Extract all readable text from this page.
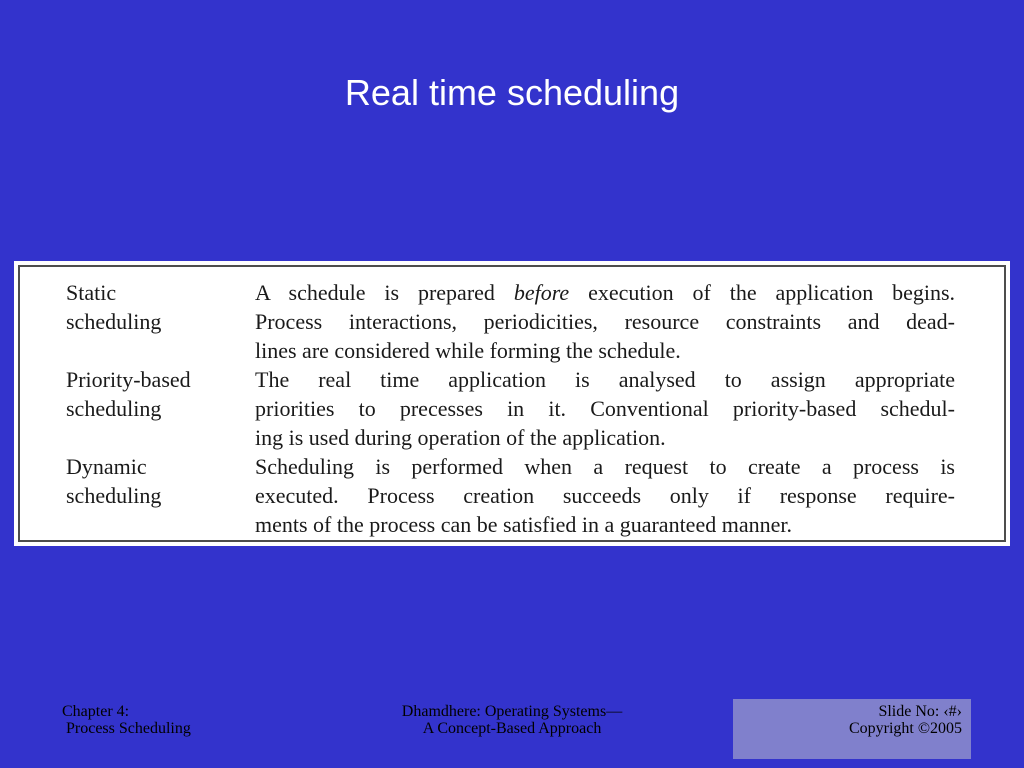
Real time scheduling
Static
scheduling
A schedule is prepared before execution of the application begins.
Process interactions, periodicities, resource constraints and dead-
lines are considered while forming the schedule.
Priority-based
scheduling
The real time application is analysed to assign appropriate
priorities to precesses in it. Conventional priority-based schedul-
ing is used during operation of the application.
Dynamic
scheduling
Scheduling is performed when a request to create a process is
executed. Process creation succeeds only if response require-
ments of the process can be satisfied in a guaranteed manner.
Chapter 4:
Process Scheduling
Dhamdhere: Operating Systems—
A Concept-Based Approach
Slide No: ‹#›
Copyright ©2005
